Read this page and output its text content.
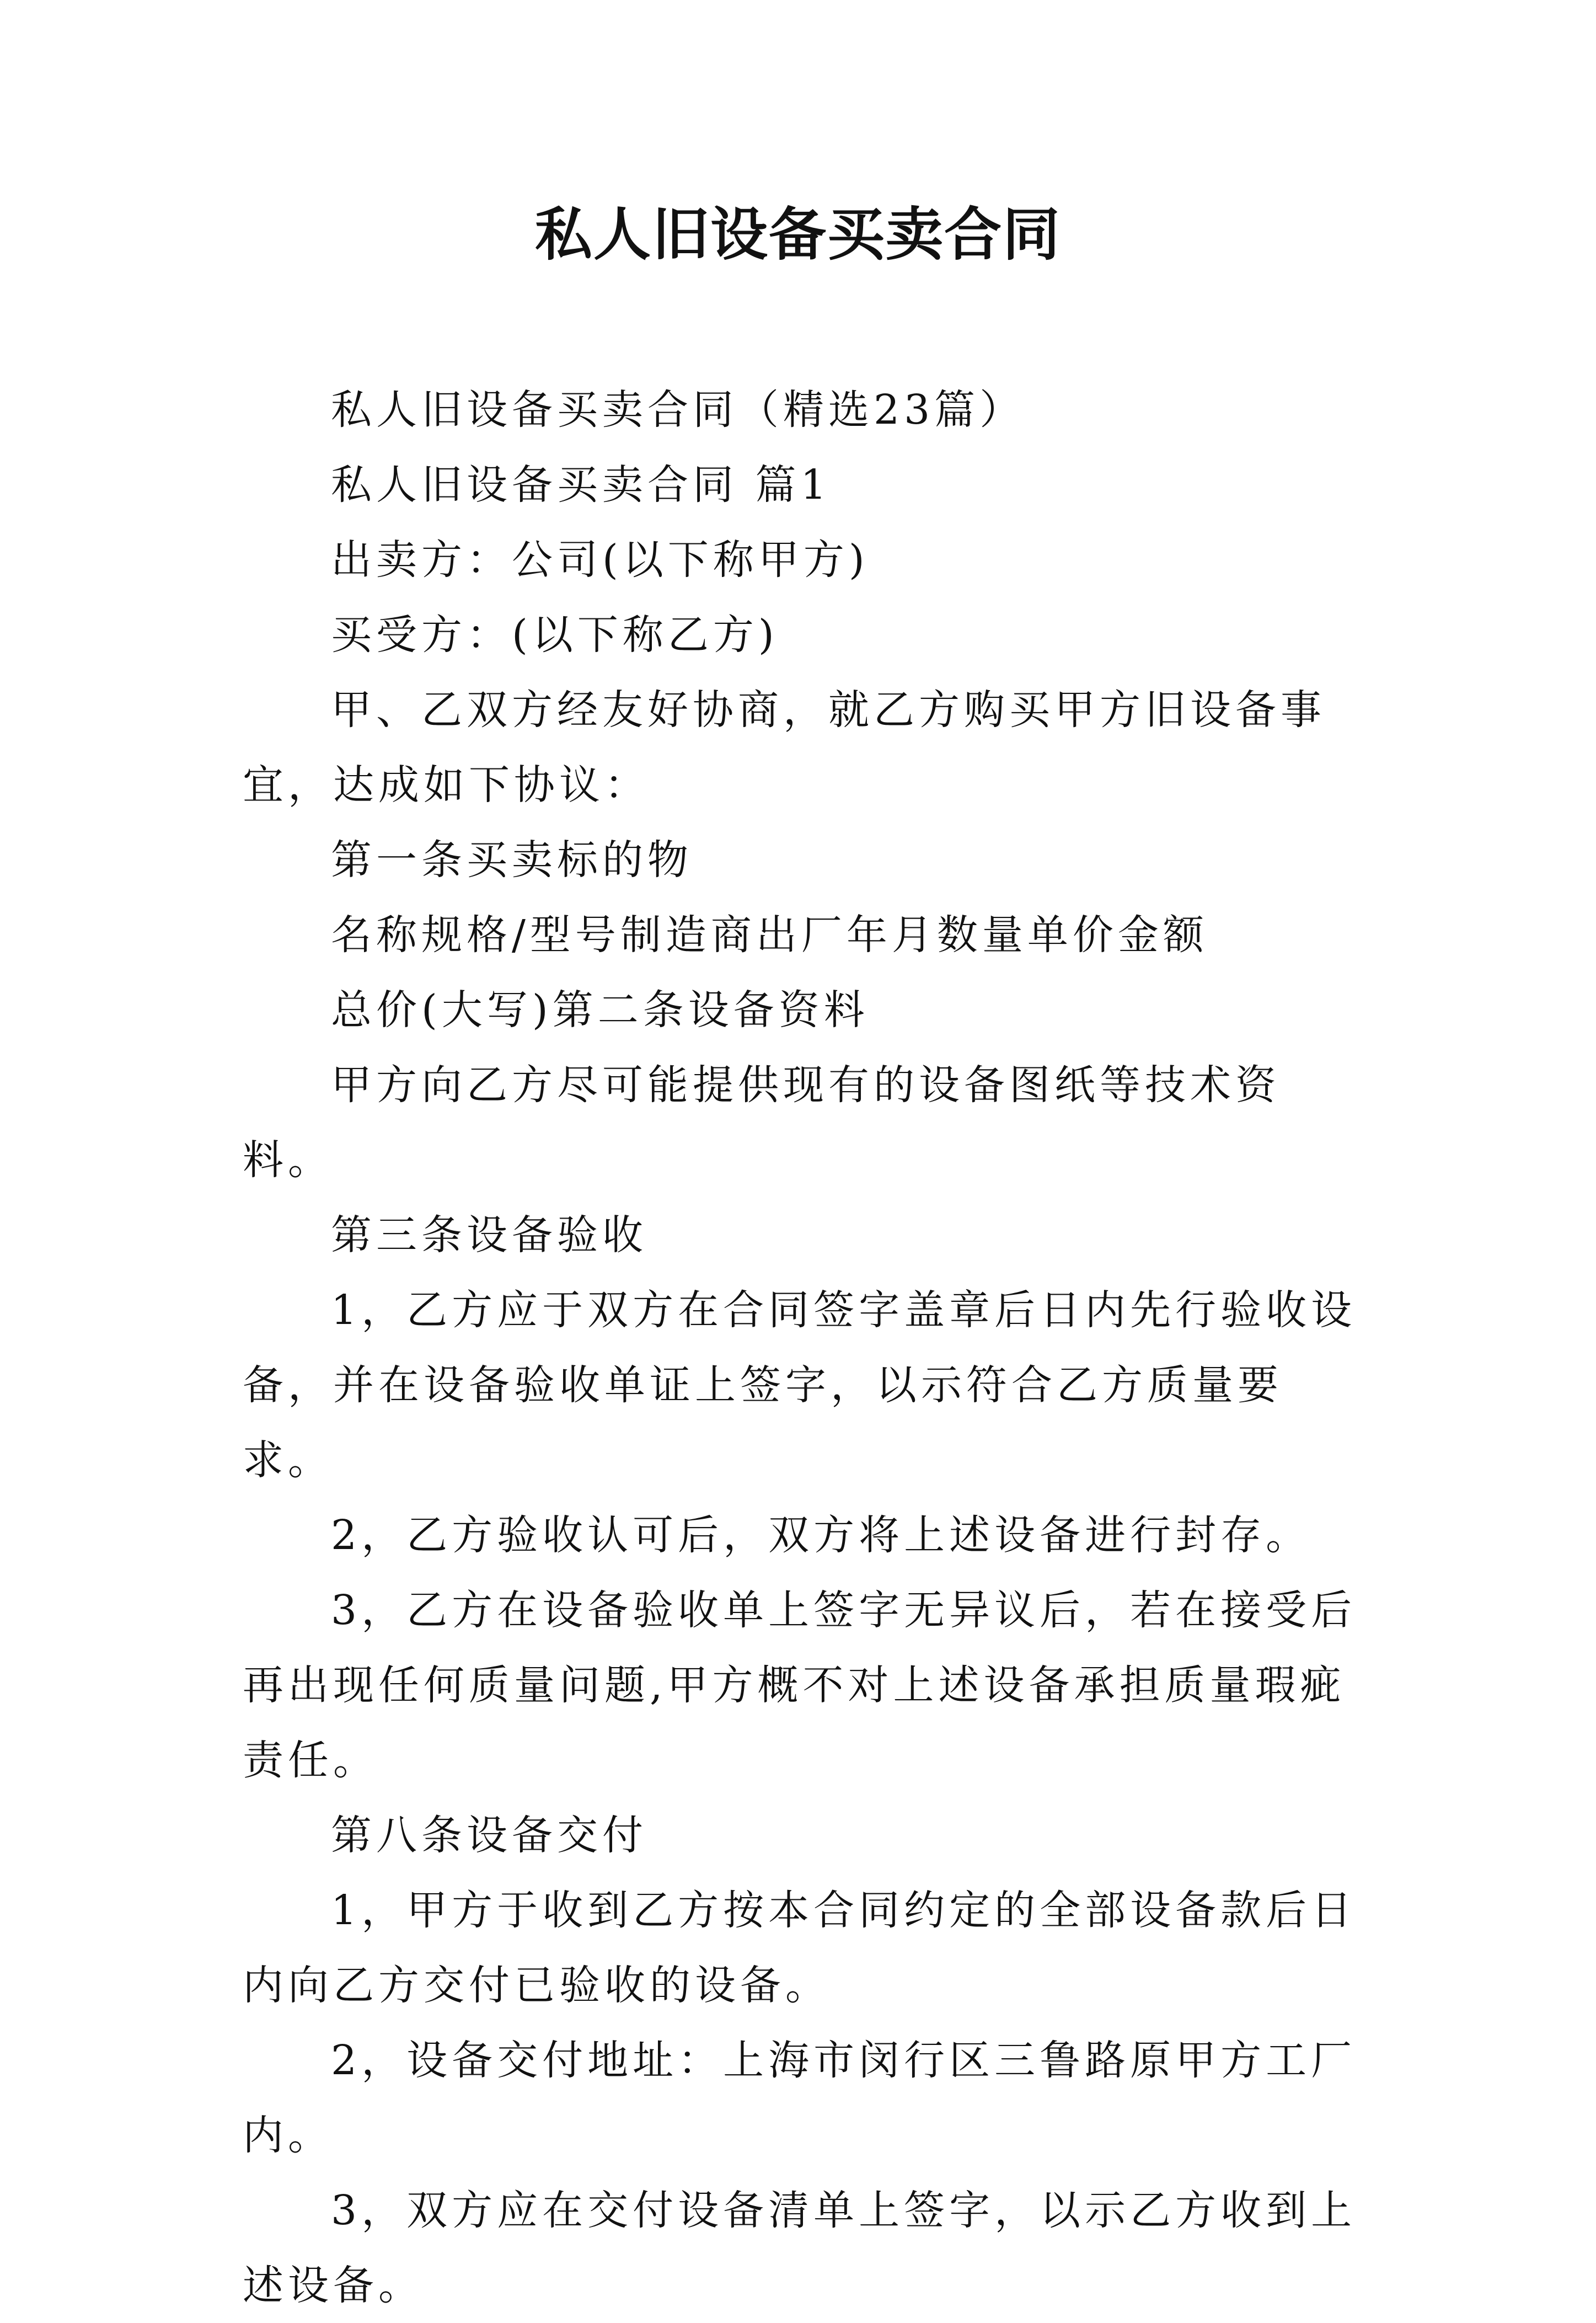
私人旧设备买卖合同

私人旧设备买卖合同（精选23篇）

私人旧设备买卖合同 篇1

出卖方：公司(以下称甲方)

买受方：(以下称乙方)

甲、乙双方经友好协商，就乙方购买甲方旧设备事宜，达成如下协议：

第一条买卖标的物

名称规格/型号制造商出厂年月数量单价金额

总价(大写)第二条设备资料

甲方向乙方尽可能提供现有的设备图纸等技术资料。

第三条设备验收

1，乙方应于双方在合同签字盖章后日内先行验收设备，并在设备验收单证上签字，以示符合乙方质量要求。

2，乙方验收认可后，双方将上述设备进行封存。

3，乙方在设备验收单上签字无异议后，若在接受后再出现任何质量问题,甲方概不对上述设备承担质量瑕疵责任。

第八条设备交付

1，甲方于收到乙方按本合同约定的全部设备款后日内向乙方交付已验收的设备。

2，设备交付地址：上海市闵行区三鲁路原甲方工厂内。

3，双方应在交付设备清单上签字，以示乙方收到上述设备。
